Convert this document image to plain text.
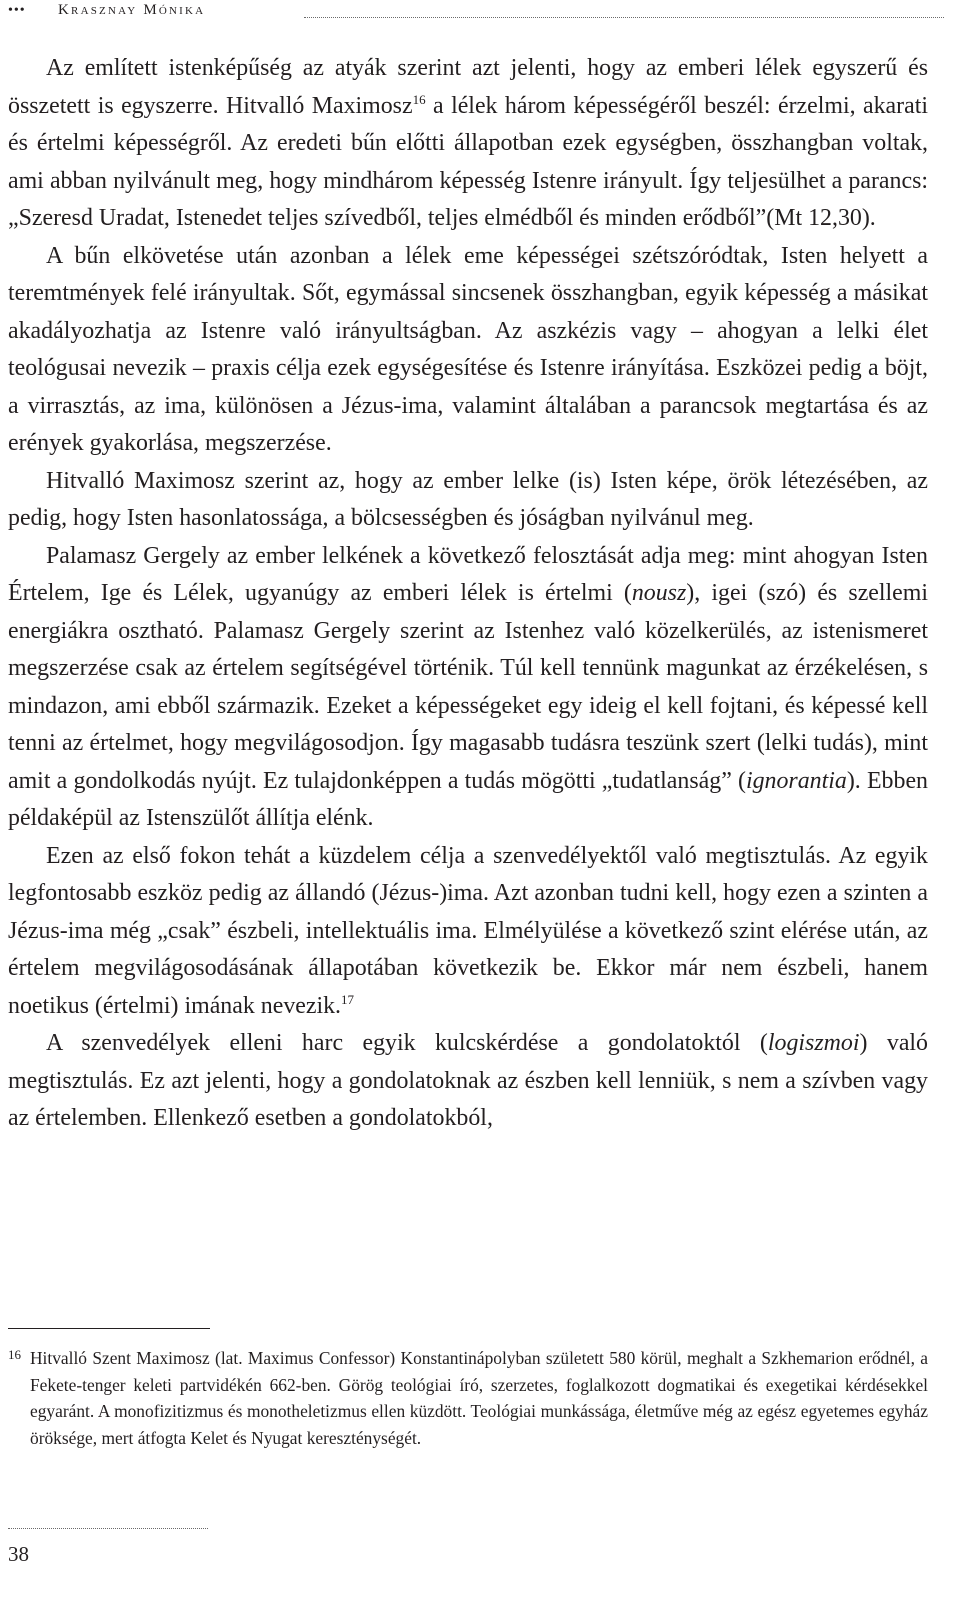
••• Krasznay Mónika

Az említett istenképűség az atyák szerint azt jelenti, hogy az emberi lélek egyszerű és összetett is egyszerre. Hitvalló Maximosz$^{16}$ a lélek három képességéről beszél: érzelmi, akarati és értelmi képességről. Az eredeti bűn előtti állapotban ezek egységben, összhangban voltak, ami abban nyilvánult meg, hogy mindhárom képesség Istenre irányult. Így teljesülhet a parancs: „Szeresd Uradat, Istenedet teljes szívedből, teljes elmédből és minden erődből”(Mt 12,30).

A bűn elkövetése után azonban a lélek eme képességei szétszóródtak, Isten helyett a teremtmények felé irányultak. Sőt, egymással sincsenek összhangban, egyik képesség a másikat akadályozhatja az Istenre való irányultságban. Az aszkézis vagy – ahogyan a lelki élet teológusai nevezik – praxis célja ezek egységesítése és Istenre irányítása. Eszközei pedig a böjt, a virrasztás, az ima, különösen a Jézus-ima, valamint általában a parancsok megtartása és az erények gyakorlása, megszerzése.

Hitvalló Maximosz szerint az, hogy az ember lelke (is) Isten képe, örök létezésében, az pedig, hogy Isten hasonlatossága, a bölcsességben és jóságban nyilvánul meg.

Palamasz Gergely az ember lelkének a következő felosztását adja meg: mint ahogyan Isten Értelem, Ige és Lélek, ugyanúgy az emberi lélek is értelmi (nousz), igei (szó) és szellemi energiákra osztható. Palamasz Gergely szerint az Istenhez való közelkerülés, az istenismeret megszerzése csak az értelem segítségével történik. Túl kell tennünk magunkat az érzékelésen, s mindazon, ami ebből származik. Ezeket a képességeket egy ideig el kell fojtani, és képessé kell tenni az értelmet, hogy megvilágosodjon. Így magasabb tudásra teszünk szert (lelki tudás), mint amit a gondolkodás nyújt. Ez tulajdonképpen a tudás mögötti „tudatlanság” (ignorantia). Ebben példaképül az Istenszülőt állítja elénk.

Ezen az első fokon tehát a küzdelem célja a szenvedélyektől való megtisztulás. Az egyik legfontosabb eszköz pedig az állandó (Jézus-)ima. Azt azonban tudni kell, hogy ezen a szinten a Jézus-ima még „csak” észbeli, intellektuális ima. Elmélyülése a következő szint elérése után, az értelem megvilágosodásának állapotában következik be. Ekkor már nem észbeli, hanem noetikus (értelmi) imának nevezik.$^{17}$

A szenvedélyek elleni harc egyik kulcskérdése a gondolatoktól (logiszmoi) való megtisztulás. Ez azt jelenti, hogy a gondolatoknak az észben kell lenniük, s nem a szívben vagy az értelemben. Ellenkező esetben a gondolatokból,

16 Hitvalló Szent Maximosz (lat. Maximus Confessor) Konstantinápolyban született 580 körül, meghalt a Szkhemarion erődnél, a Fekete-tenger keleti partvidékén 662-ben. Görög teológiai író, szerzetes, foglalkozott dogmatikai és exegetikai kérdésekkel egyaránt. A monofizitizmus és monotheletizmus ellen küzdött. Teológiai munkássága, életműve még az egész egyetemes egyház öröksége, mert átfogta Kelet és Nyugat kereszténységét.
38
